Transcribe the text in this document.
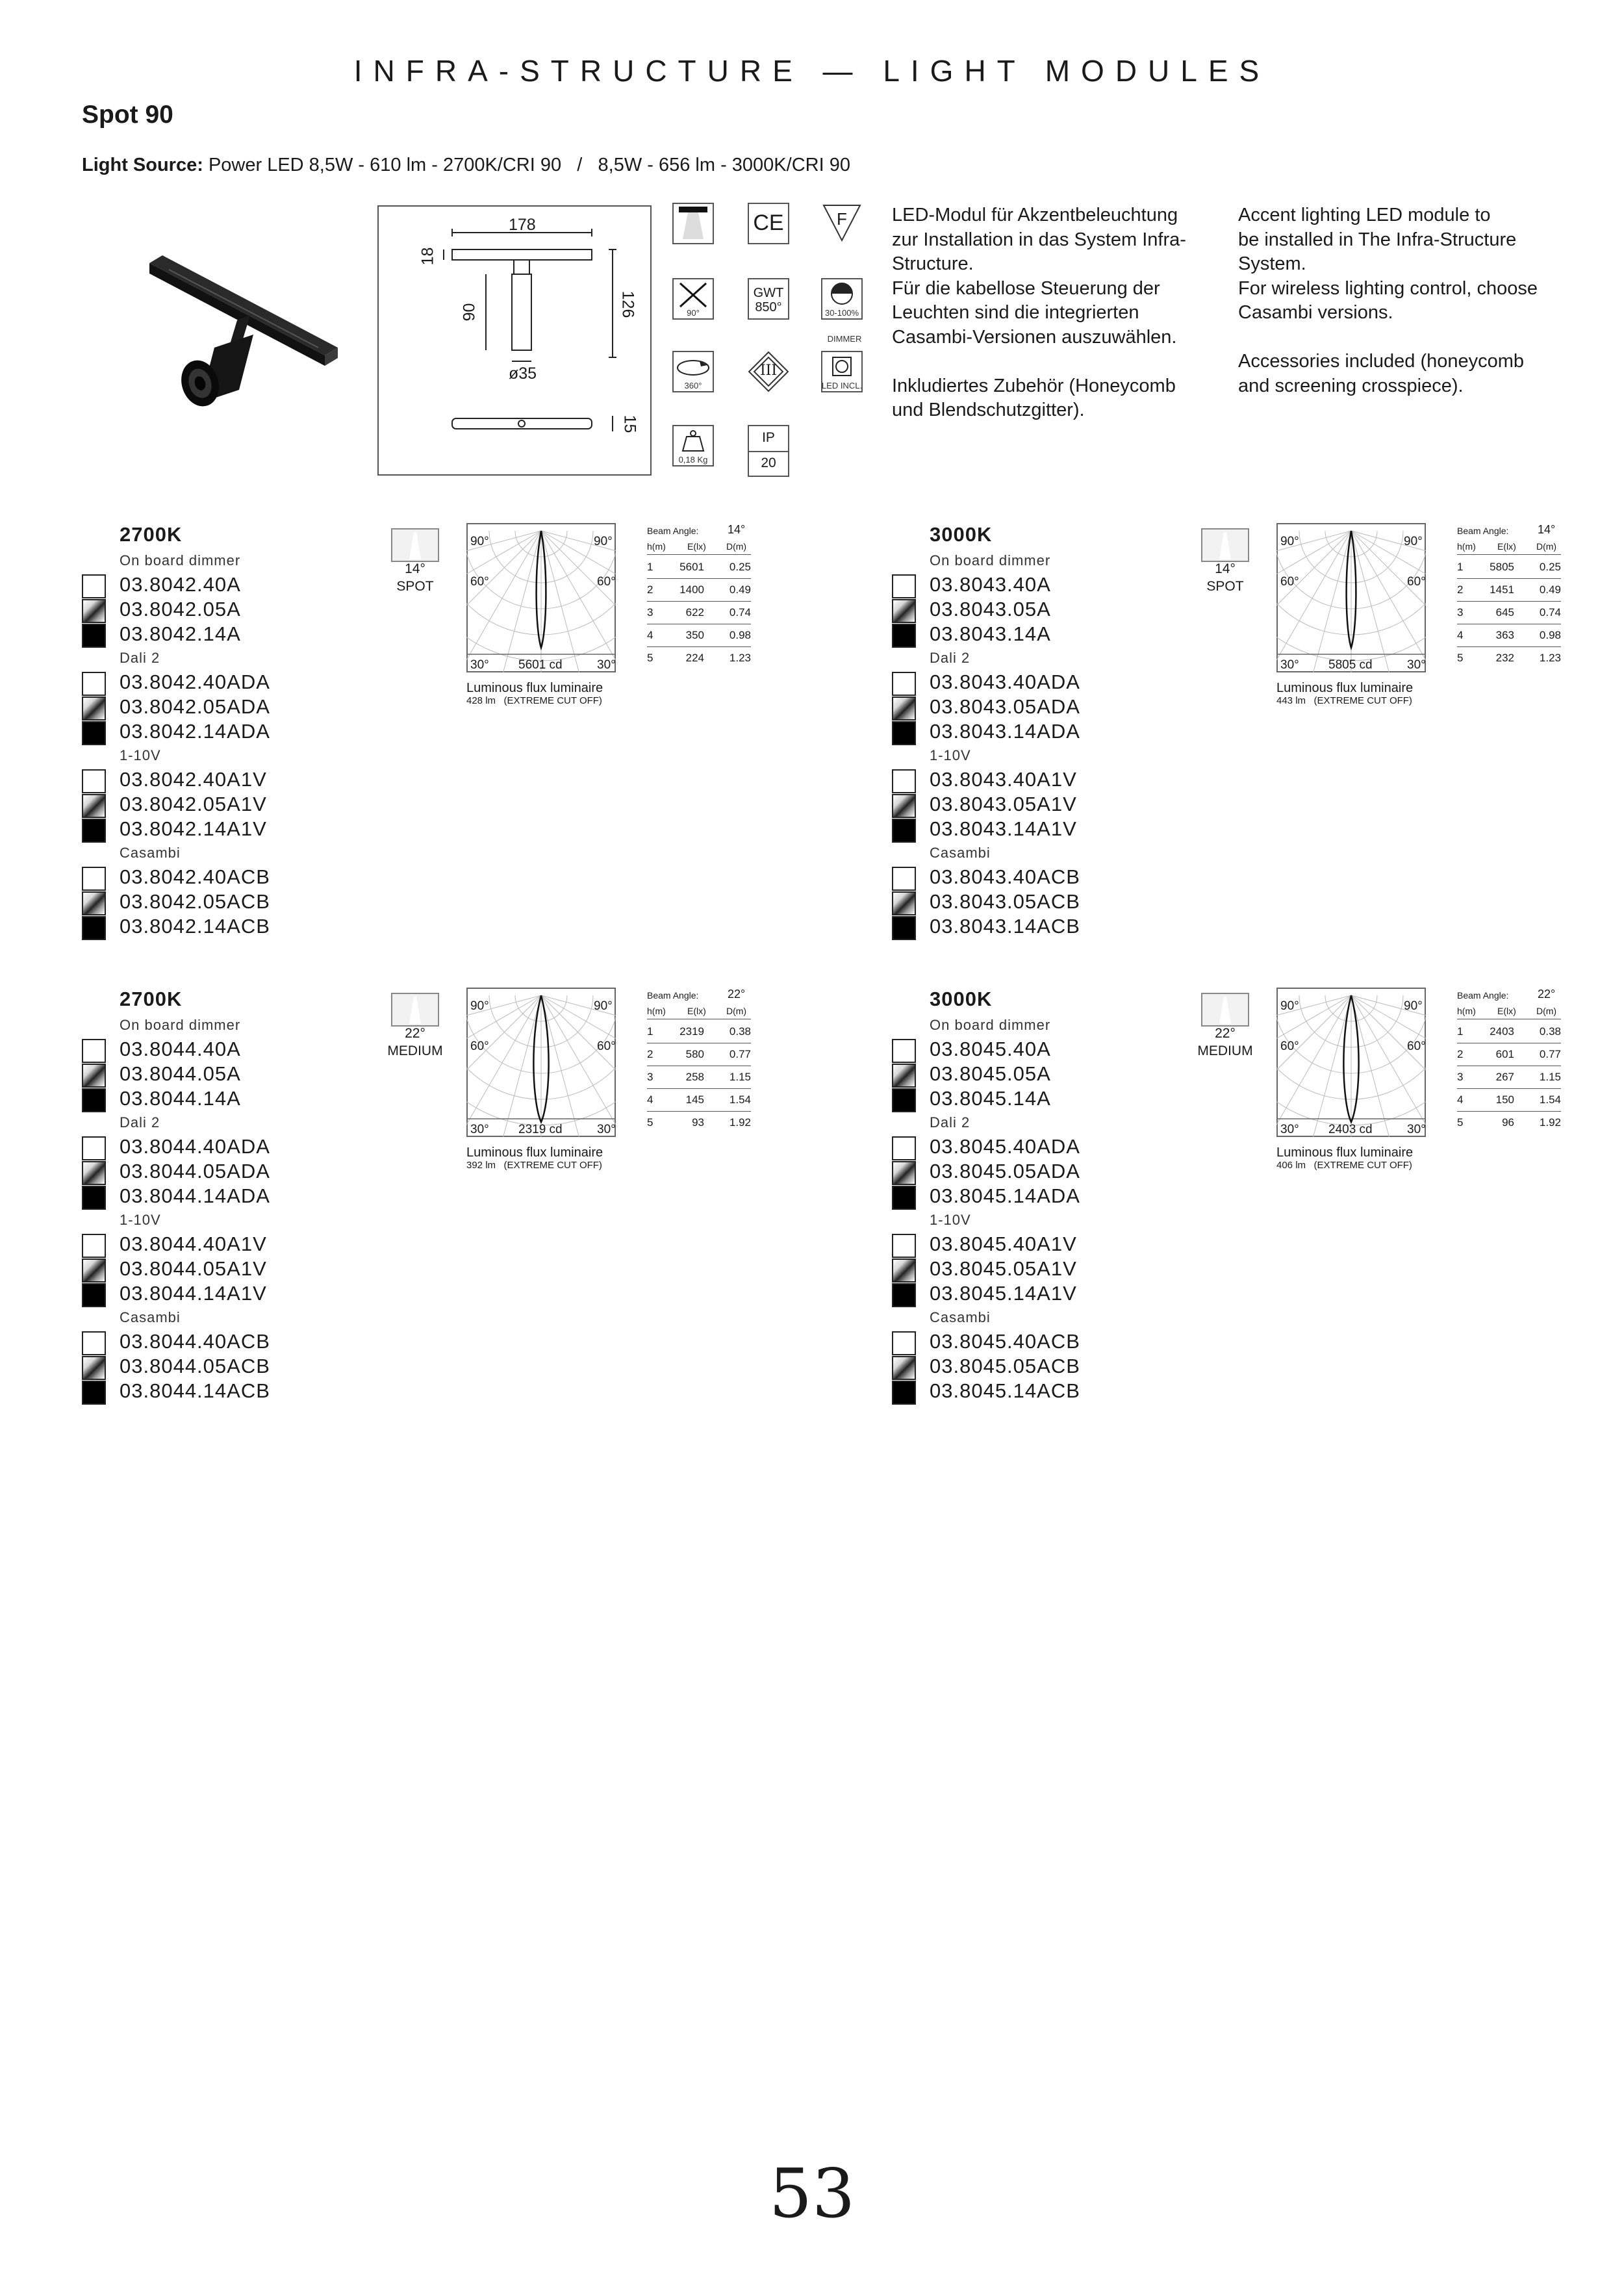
INFRA-STRUCTURE — LIGHT MODULES
Spot 90
Light Source: Power LED 8,5W - 610 lm - 2700K/CRI 90   /   8,5W - 656 lm - 3000K/CRI 90
178
18
90	126
ø35
15
CE	F
90°
GWT
850°	30-100%
DIMMER
360°
III
LED INCL.
0,18 Kg
IP
20
LED-Modul für Akzentbeleuchtung
zur Installation in das System Infra-
Structure.
Für die kabellose Steuerung der
Leuchten sind die integrierten
Casambi-Versionen auszuwählen.
Inkludiertes Zubehör (Honeycomb
und Blendschutzgitter).
Accent lighting LED module to
be installed in The Infra-Structure
System.
For wireless lighting control, choose
Casambi versions.
Accessories included (honeycomb
and screening crosspiece).
2700K
On board dimmer
03.8042.40A
03.8042.05A
03.8042.14A
Dali 2
03.8042.40ADA
03.8042.05ADA
03.8042.14ADA
1-10V
03.8042.40A1V
03.8042.05A1V
03.8042.14A1V
Casambi
03.8042.40ACB
03.8042.05ACB
03.8042.14ACB
14°
SPOT
90°	90°
60°	60°
30°	30°
5601 cd
Luminous flux luminaire
428 lm (EXTREME CUT OFF)
Beam Angle: 14°
h(m) E(lx) D(m)
1 5601 0.25
2 1400 0.49
3	622 0.74
4	350 0.98
5	224 1.23
3000K
On board dimmer
03.8043.40A
03.8043.05A
03.8043.14A
Dali 2
03.8043.40ADA
03.8043.05ADA
03.8043.14ADA
1-10V
03.8043.40A1V
03.8043.05A1V
03.8043.14A1V
Casambi
03.8043.40ACB
03.8043.05ACB
03.8043.14ACB
14°
SPOT
90°	90°
60°	60°
30°	30°
5805 cd
Luminous flux luminaire
443 lm (EXTREME CUT OFF)
Beam Angle: 14°
h(m) E(lx) D(m)
1 5805 0.25
2 1451 0.49
3	645 0.74
4	363 0.98
5	232 1.23
2700K
On board dimmer
03.8044.40A
03.8044.05A
03.8044.14A
Dali 2
03.8044.40ADA
03.8044.05ADA
03.8044.14ADA
1-10V
03.8044.40A1V
03.8044.05A1V
03.8044.14A1V
Casambi
03.8044.40ACB
03.8044.05ACB
03.8044.14ACB
22°
MEDIUM
90°	90°
60°	60°
30°	30°
2319 cd
Luminous flux luminaire
392 lm (EXTREME CUT OFF)
Beam Angle: 22°
h(m) E(lx) D(m)
1 2319 0.38
2	580 0.77
3	258 1.15
4	145 1.54
5	93 1.92
3000K
On board dimmer
03.8045.40A
03.8045.05A
03.8045.14A
Dali 2
03.8045.40ADA
03.8045.05ADA
03.8045.14ADA
1-10V
03.8045.40A1V
03.8045.05A1V
03.8045.14A1V
Casambi
03.8045.40ACB
03.8045.05ACB
03.8045.14ACB
22°
MEDIUM
90°	90°
60°	60°
30°	30°
2403 cd
Luminous flux luminaire
406 lm (EXTREME CUT OFF)
Beam Angle: 22°
h(m) E(lx) D(m)
1 2403 0.38
2	601 0.77
3	267 1.15
4	150 1.54
5	96 1.92
53
